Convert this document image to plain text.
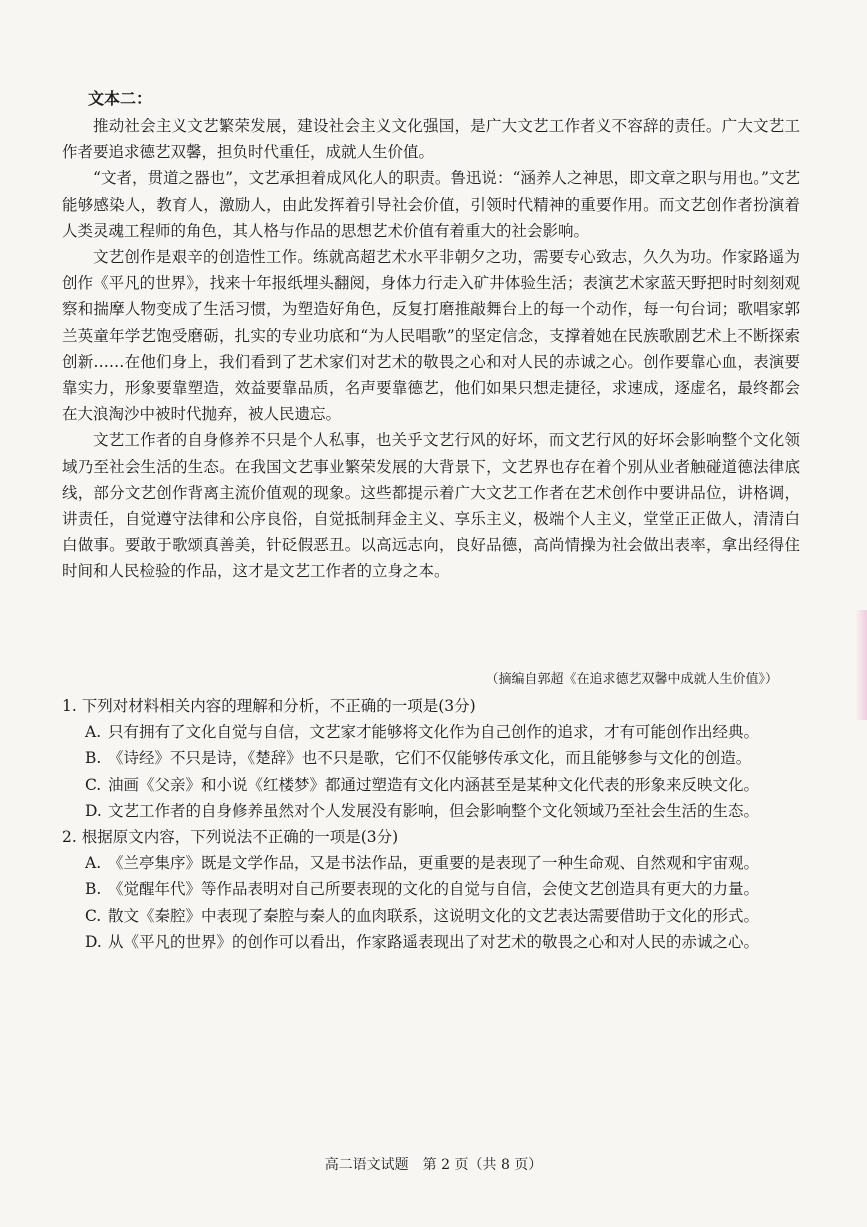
文本二：

推动社会主义文艺繁荣发展，建设社会主义文化强国，是广大文艺工作者义不容辞的责任。广大文艺工作者要追求德艺双馨，担负时代重任，成就人生价值。

“文者，贯道之器也”，文艺承担着成风化人的职责。鲁迅说：“涵养人之神思，即文章之职与用也。”文艺能够感染人，教育人，激励人，由此发挥着引导社会价值，引领时代精神的重要作用。而文艺创作者扮演着人类灵魂工程师的角色，其人格与作品的思想艺术价值有着重大的社会影响。

文艺创作是艰辛的创造性工作。练就高超艺术水平非朝夕之功，需要专心致志，久久为功。作家路遥为创作《平凡的世界》，找来十年报纸埋头翻阅，身体力行走入矿井体验生活；表演艺术家蓝天野把时时刻刻观察和揣摩人物变成了生活习惯，为塑造好角色，反复打磨推敲舞台上的每一个动作，每一句台词；歌唱家郭兰英童年学艺饱受磨砺，扎实的专业功底和“为人民唱歌”的坚定信念，支撑着她在民族歌剧艺术上不断探索创新……在他们身上，我们看到了艺术家们对艺术的敬畏之心和对人民的赤诚之心。创作要靠心血，表演要靠实力，形象要靠塑造，效益要靠品质，名声要靠德艺，他们如果只想走捷径，求速成，逐虚名，最终都会在大浪淘沙中被时代抛弃，被人民遗忘。

文艺工作者的自身修养不只是个人私事，也关乎文艺行风的好坏，而文艺行风的好坏会影响整个文化领域乃至社会生活的生态。在我国文艺事业繁荣发展的大背景下，文艺界也存在着个别从业者触碰道德法律底线，部分文艺创作背离主流价值观的现象。这些都提示着广大文艺工作者在艺术创作中要讲品位，讲格调，讲责任，自觉遵守法律和公序良俗，自觉抵制拜金主义、享乐主义，极端个人主义，堂堂正正做人，清清白白做事。要敢于歌颂真善美，针砭假恶丑。以高远志向，良好品德，高尚情操为社会做出表率，拿出经得住时间和人民检验的作品，这才是文艺工作者的立身之本。

（摘编自郭超《在追求德艺双馨中成就人生价值》）

1. 下列对材料相关内容的理解和分析，不正确的一项是(3分)

A. 只有拥有了文化自觉与自信，文艺家才能够将文化作为自己创作的追求，才有可能创作出经典。

B. 《诗经》不只是诗，《楚辞》也不只是歌，它们不仅能够传承文化，而且能够参与文化的创造。

C. 油画《父亲》和小说《红楼梦》都通过塑造有文化内涵甚至是某种文化代表的形象来反映文化。

D. 文艺工作者的自身修养虽然对个人发展没有影响，但会影响整个文化领域乃至社会生活的生态。

2. 根据原文内容，下列说法不正确的一项是(3分)

A. 《兰亭集序》既是文学作品，又是书法作品，更重要的是表现了一种生命观、自然观和宇宙观。

B. 《觉醒年代》等作品表明对自己所要表现的文化的自觉与自信，会使文艺创造具有更大的力量。

C. 散文《秦腔》中表现了秦腔与秦人的血肉联系，这说明文化的文艺表达需要借助于文化的形式。

D. 从《平凡的世界》的创作可以看出，作家路遥表现出了对艺术的敬畏之心和对人民的赤诚之心。

高二语文试题　第 2 页（共 8 页）
